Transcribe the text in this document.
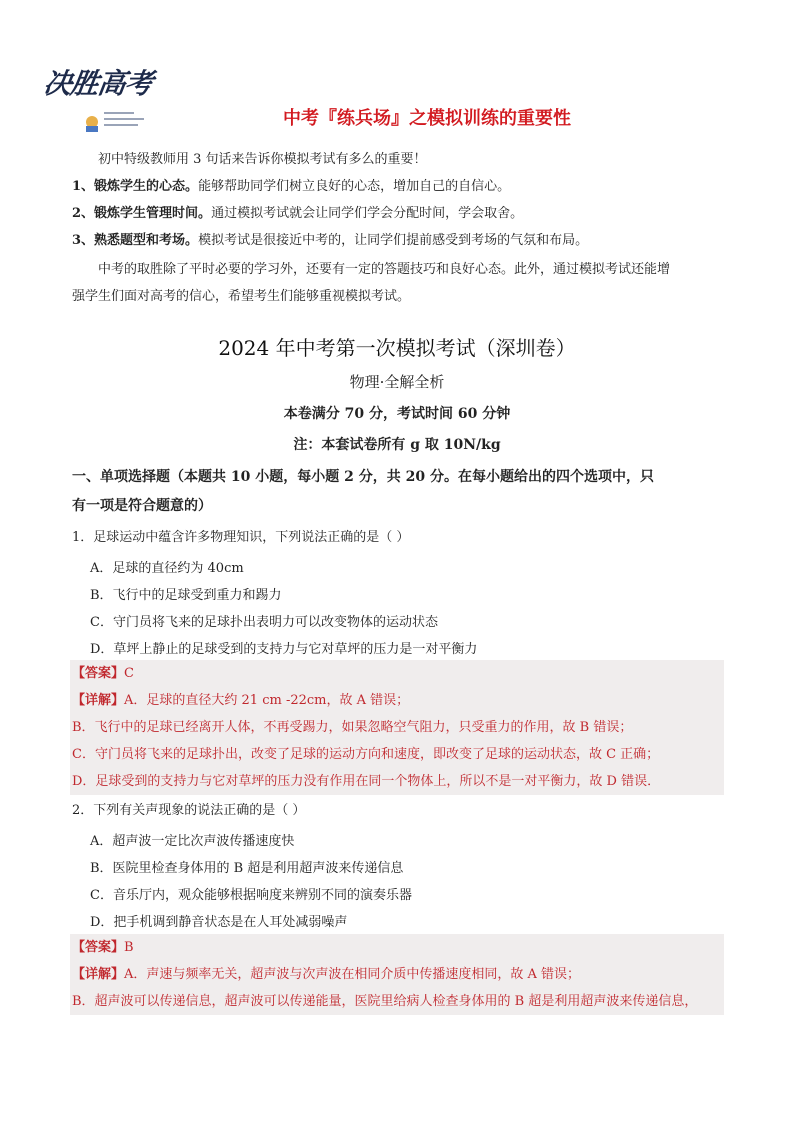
决胜高考
中考『练兵场』之模拟训练的重要性
初中特级教师用 3 句话来告诉你模拟考试有多么的重要！
1、锻炼学生的心态。能够帮助同学们树立良好的心态，增加自己的自信心。
2、锻炼学生管理时间。通过模拟考试就会让同学们学会分配时间，学会取舍。
3、熟悉题型和考场。模拟考试是很接近中考的，让同学们提前感受到考场的气氛和布局。
中考的取胜除了平时必要的学习外，还要有一定的答题技巧和良好心态。此外，通过模拟考试还能增
强学生们面对高考的信心，希望考生们能够重视模拟考试。
2024 年中考第一次模拟考试（深圳卷）
物理·全解全析
本卷满分 70 分，考试时间 60 分钟
注：本套试卷所有 g 取 10N/kg
一、单项选择题（本题共 10 小题，每小题 2 分，共 20 分。在每小题给出的四个选项中，只
有一项是符合题意的）
1．足球运动中蕴含许多物理知识，下列说法正确的是（ ）
A．足球的直径约为 40cm
B．飞行中的足球受到重力和踢力
C．守门员将飞来的足球扑出表明力可以改变物体的运动状态
D．草坪上静止的足球受到的支持力与它对草坪的压力是一对平衡力
【答案】C
【详解】A．足球的直径大约 21 cm -22cm，故 A 错误；
B．飞行中的足球已经离开人体，不再受踢力，如果忽略空气阻力，只受重力的作用，故 B 错误；
C．守门员将飞来的足球扑出，改变了足球的运动方向和速度，即改变了足球的运动状态，故 C 正确；
D．足球受到的支持力与它对草坪的压力没有作用在同一个物体上，所以不是一对平衡力，故 D 错误．
2．下列有关声现象的说法正确的是（ ）
A．超声波一定比次声波传播速度快
B．医院里检查身体用的 B 超是利用超声波来传递信息
C．音乐厅内，观众能够根据响度来辨别不同的演奏乐器
D．把手机调到静音状态是在人耳处减弱噪声
【答案】B
【详解】A．声速与频率无关，超声波与次声波在相同介质中传播速度相同，故 A 错误；
B．超声波可以传递信息，超声波可以传递能量，医院里给病人检查身体用的 B 超是利用超声波来传递信息，
